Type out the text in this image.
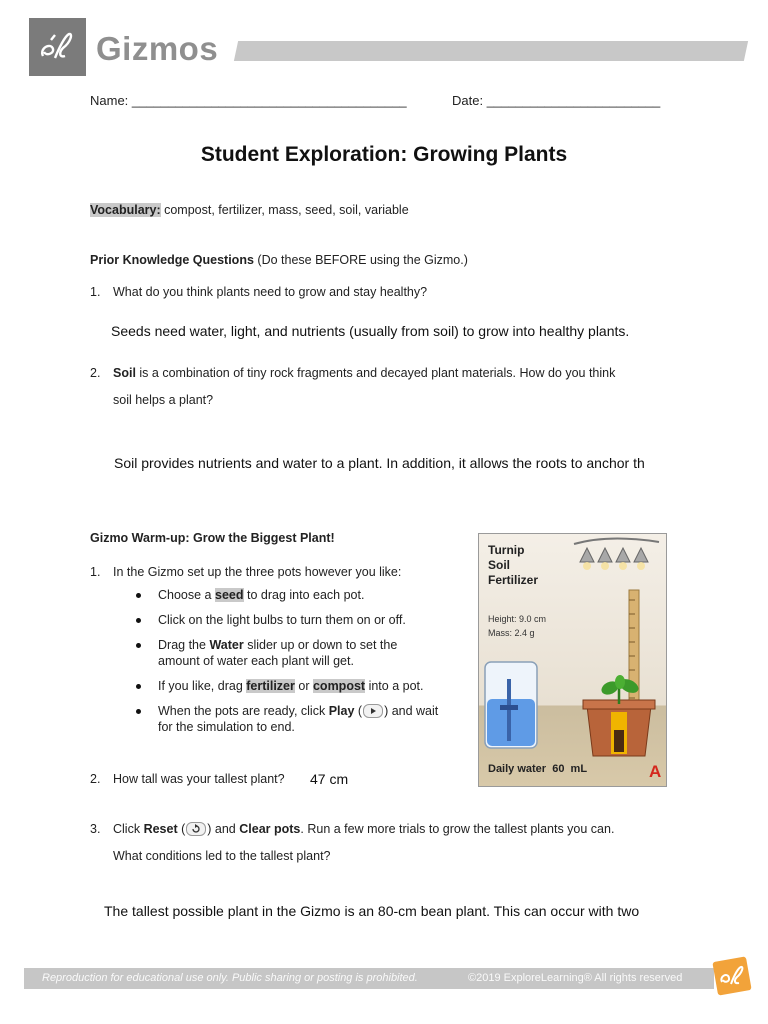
Gizmos
Name: ______________________________________	Date: ________________________
Student Exploration: Growing Plants
Vocabulary: compost, fertilizer, mass, seed, soil, variable
Prior Knowledge Questions (Do these BEFORE using the Gizmo.)
1. What do you think plants need to grow and stay healthy?
Seeds need water, light, and nutrients (usually from soil) to grow into healthy plants.
2. Soil is a combination of tiny rock fragments and decayed plant materials. How do you think
soil helps a plant?
Soil provides nutrients and water to a plant. In addition, it allows the roots to anchor th
Gizmo Warm-up: Grow the Biggest Plant!
1. In the Gizmo set up the three pots however you like:
Choose a seed to drag into each pot.
Click on the light bulbs to turn them on or off.
Drag the Water slider up or down to set the amount of water each plant will get.
If you like, drag fertilizer or compost into a pot.
When the pots are ready, click Play ( ) and wait for the simulation to end.
2. How tall was your tallest plant? 47 cm
3. Click Reset ( ) and Clear pots. Run a few more trials to grow the tallest plants you can.
What conditions led to the tallest plant?
The tallest possible plant in the Gizmo is an 80-cm bean plant. This can occur with two
Turnip
Soil
Fertilizer
Height: 9.0 cm
Mass: 2.4 g
Daily water  60  mL	A
Reproduction for educational use only. Public sharing or posting is prohibited.	©2019 ExploreLearning® All rights reserved
